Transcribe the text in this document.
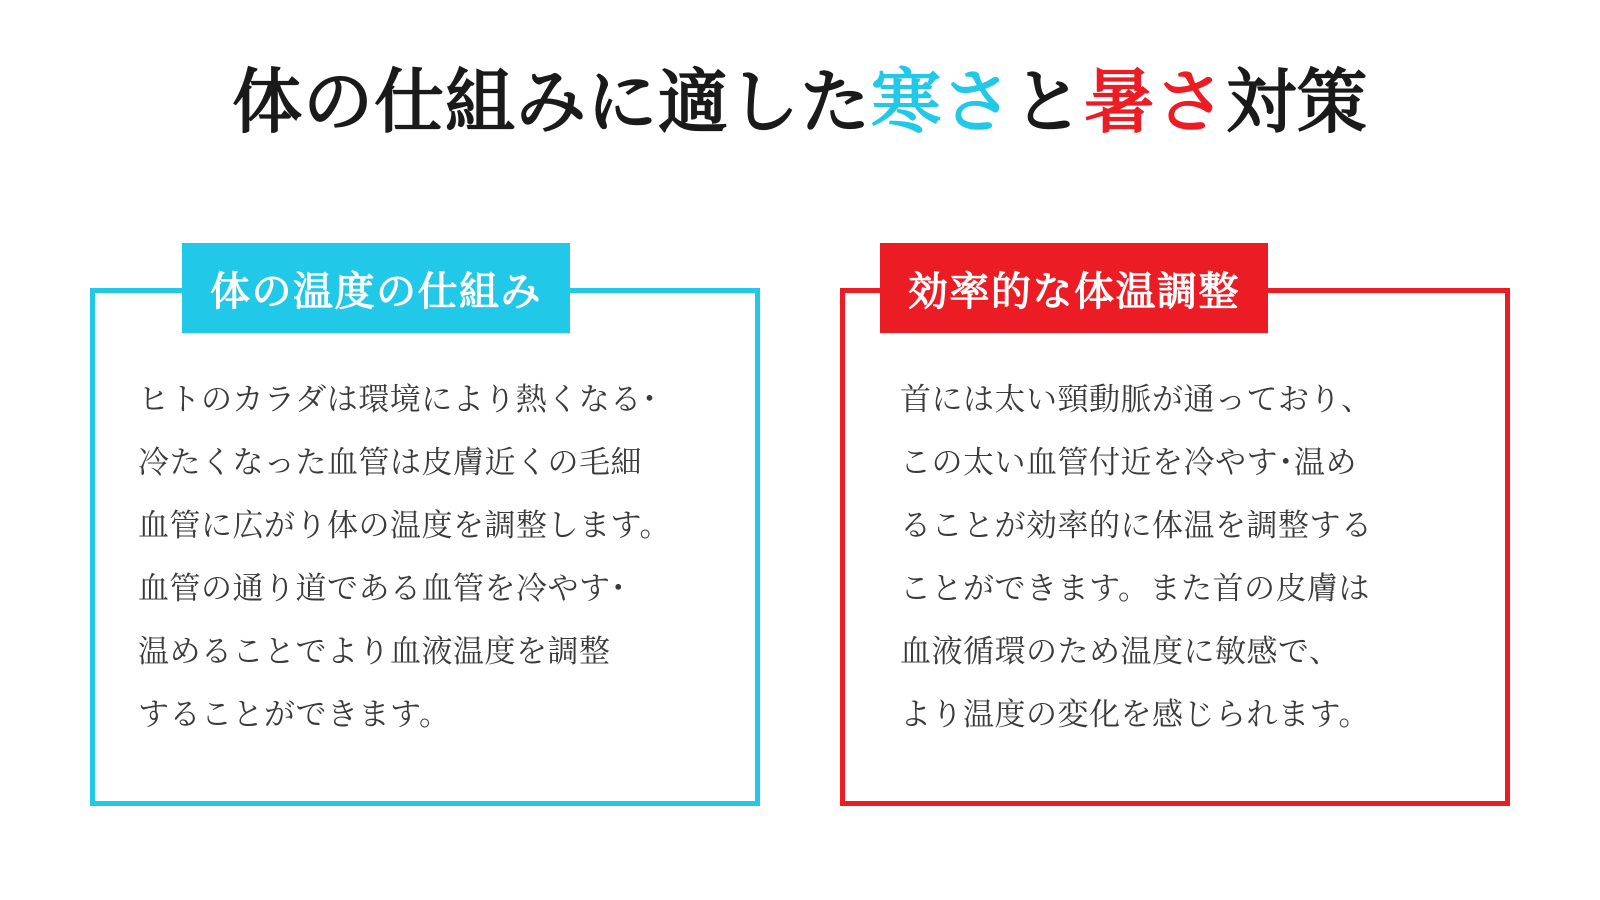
体の仕組みに適した寒さと暑さ対策
体の温度の仕組み
ヒトのカラダは環境により熱くなる･
冷たくなった血管は皮膚近くの毛細
血管に広がり体の温度を調整します。
血管の通り道である血管を冷やす･
温めることでより血液温度を調整
することができます。
効率的な体温調整
首には太い頸動脈が通っており、
この太い血管付近を冷やす･温め
ることが効率的に体温を調整する
ことができます。また首の皮膚は
血液循環のため温度に敏感で、
より温度の変化を感じられます。
